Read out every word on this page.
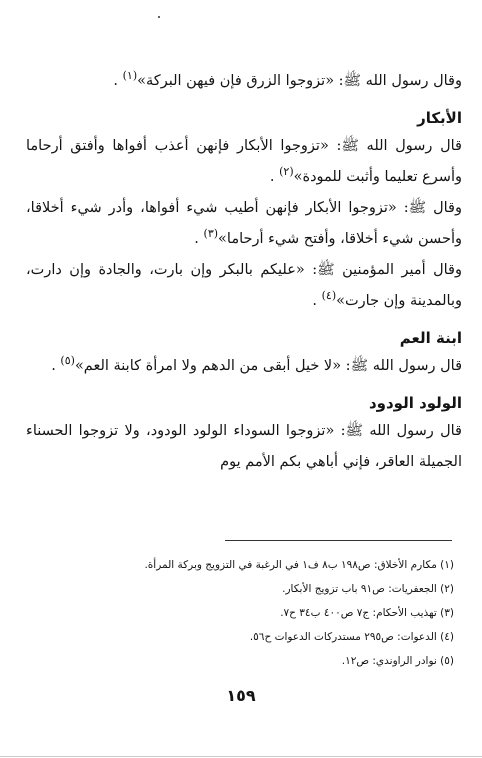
وقال رسول الله ﷺ: «تزوجوا الزرق فإن فيهن البركة»$^{(١)}$ .

الأبكار

قال رسول الله ﷺ: «تزوجوا الأبكار فإنهن أعذب أفواها وأفتق أرحاما وأسرع تعليما وأثبت للمودة»$^{(٢)}$ .

وقال ﷺ: «تزوجوا الأبكار فإنهن أطيب شيء أفواها، وأدر شيء أخلاقا، وأحسن شيء أخلاقا، وأفتح شيء أرحاما»$^{(٣)}$ .

وقال أمير المؤمنين ﷺ: «عليكم بالبكر وإن بارت، والجادة وإن دارت، وبالمدينة وإن جارت»$^{(٤)}$ .

ابنة العم

قال رسول الله ﷺ: «لا خيل أبقى من الدهم ولا امرأة كابنة العم»$^{(٥)}$ .

الولود الودود

قال رسول الله ﷺ: «تزوجوا السوداء الولود الودود، ولا تزوجوا الحسناء الجميلة العاقر، فإني أباهي بكم الأمم يوم

(١) مكارم الأخلاق: ص١٩٨ ب٨ ف١ في الرغبة في التزويج وبركة المرأة.
(٢) الجعفريات: ص٩١ باب تزويج الأبكار.
(٣) تهذيب الأحكام: ج٧ ص٤٠٠ ب٣٤ ح٧.
(٤) الدعوات: ص٢٩٥ مستدركات الدعوات ح٥٦.
(٥) نوادر الراوندي: ص١٢.
١٥٩
